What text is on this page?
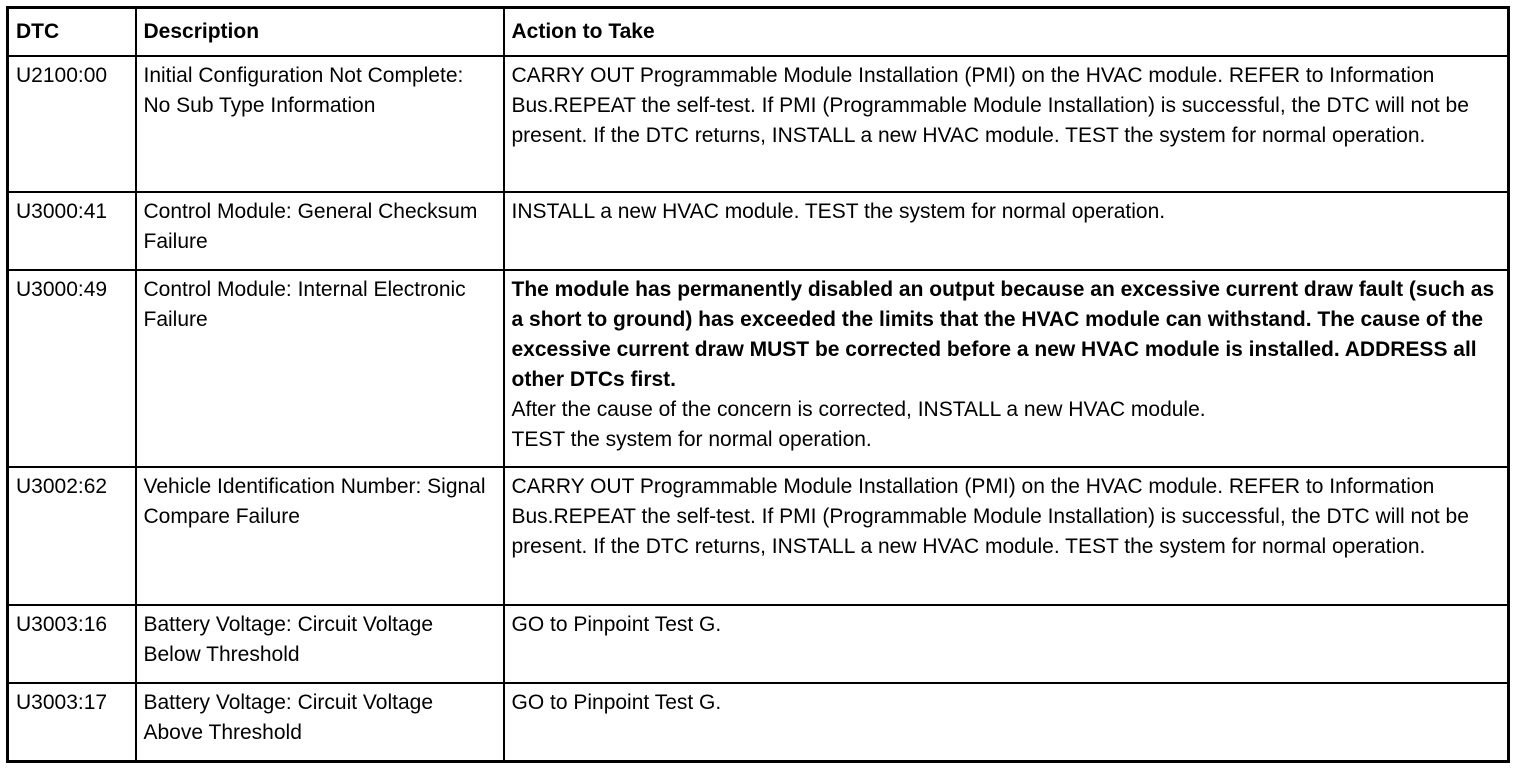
DTC	Description	Action to Take
U2100:00	Initial Configuration Not Complete: No Sub Type Information	CARRY OUT Programmable Module Installation (PMI) on the HVAC module. REFER to Information Bus.REPEAT the self-test. If PMI (Programmable Module Installation) is successful, the DTC will not be present. If the DTC returns, INSTALL a new HVAC module. TEST the system for normal operation.
U3000:41	Control Module: General Checksum Failure	INSTALL a new HVAC module. TEST the system for normal operation.
U3000:49	Control Module: Internal Electronic Failure	The module has permanently disabled an output because an excessive current draw fault (such as a short to ground) has exceeded the limits that the HVAC module can withstand. The cause of the excessive current draw MUST be corrected before a new HVAC module is installed. ADDRESS all other DTCs first.
After the cause of the concern is corrected, INSTALL a new HVAC module.
TEST the system for normal operation.

U3002:62	Vehicle Identification Number: Signal Compare Failure	CARRY OUT Programmable Module Installation (PMI) on the HVAC module. REFER to Information Bus.REPEAT the self-test. If PMI (Programmable Module Installation) is successful, the DTC will not be present. If the DTC returns, INSTALL a new HVAC module. TEST the system for normal operation.
U3003:16	Battery Voltage: Circuit Voltage Below Threshold	GO to Pinpoint Test G.
U3003:17	Battery Voltage: Circuit Voltage Above Threshold	GO to Pinpoint Test G.
